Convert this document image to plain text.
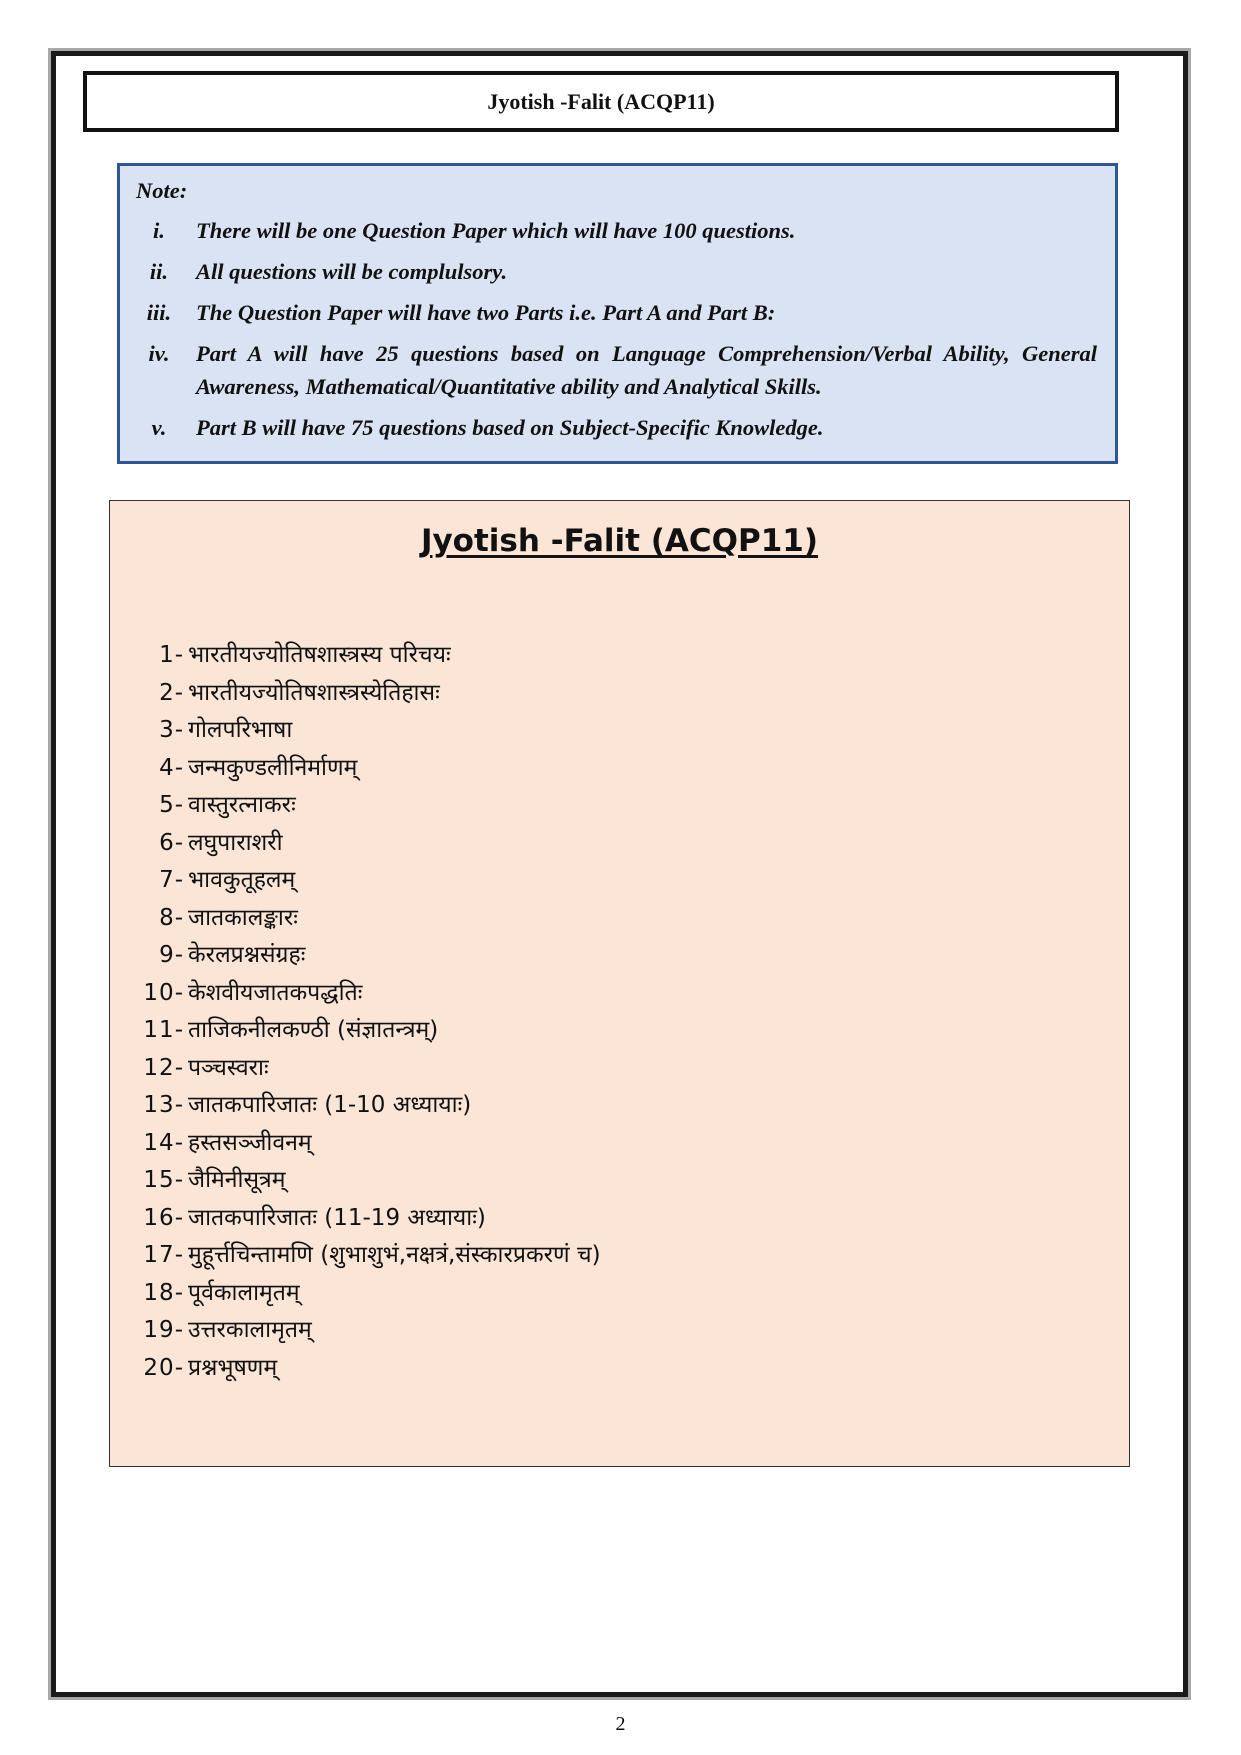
Jyotish -Falit (ACQP11)
Note:
i.	There will be one Question Paper which will have 100 questions.
ii.	All questions will be complulsory.
iii.	The Question Paper will have two Parts i.e. Part A and Part B:
iv.	Part A will have 25 questions based on Language Comprehension/Verbal Ability, General Awareness, Mathematical/Quantitative ability and Analytical Skills.
v.	Part B will have 75 questions based on Subject-Specific Knowledge.
Jyotish -Falit (ACQP11)
1- भारतीयज्योतिषशास्त्रस्य परिचयः
2- भारतीयज्योतिषशास्त्रस्येतिहासः
3- गोलपरिभाषा
4- जन्मकुण्डलीनिर्माणम्
5- वास्तुरत्नाकरः
6- लघुपाराशरी
7- भावकुतूहलम्
8- जातकालङ्कारः
9- केरलप्रश्नसंग्रहः
10- केशवीयजातकपद्धतिः
11- ताजिकनीलकण्ठी (संज्ञातन्त्रम्)
12- पञ्चस्वराः
13- जातकपारिजातः (1-10 अध्यायाः)
14- हस्तसञ्जीवनम्
15- जैमिनीसूत्रम्
16- जातकपारिजातः (11-19 अध्यायाः)
17- मुहूर्त्तचिन्तामणि (शुभाशुभं,नक्षत्रं,संस्कारप्रकरणं च)
18- पूर्वकालामृतम्
19- उत्तरकालामृतम्
20- प्रश्नभूषणम्
2
